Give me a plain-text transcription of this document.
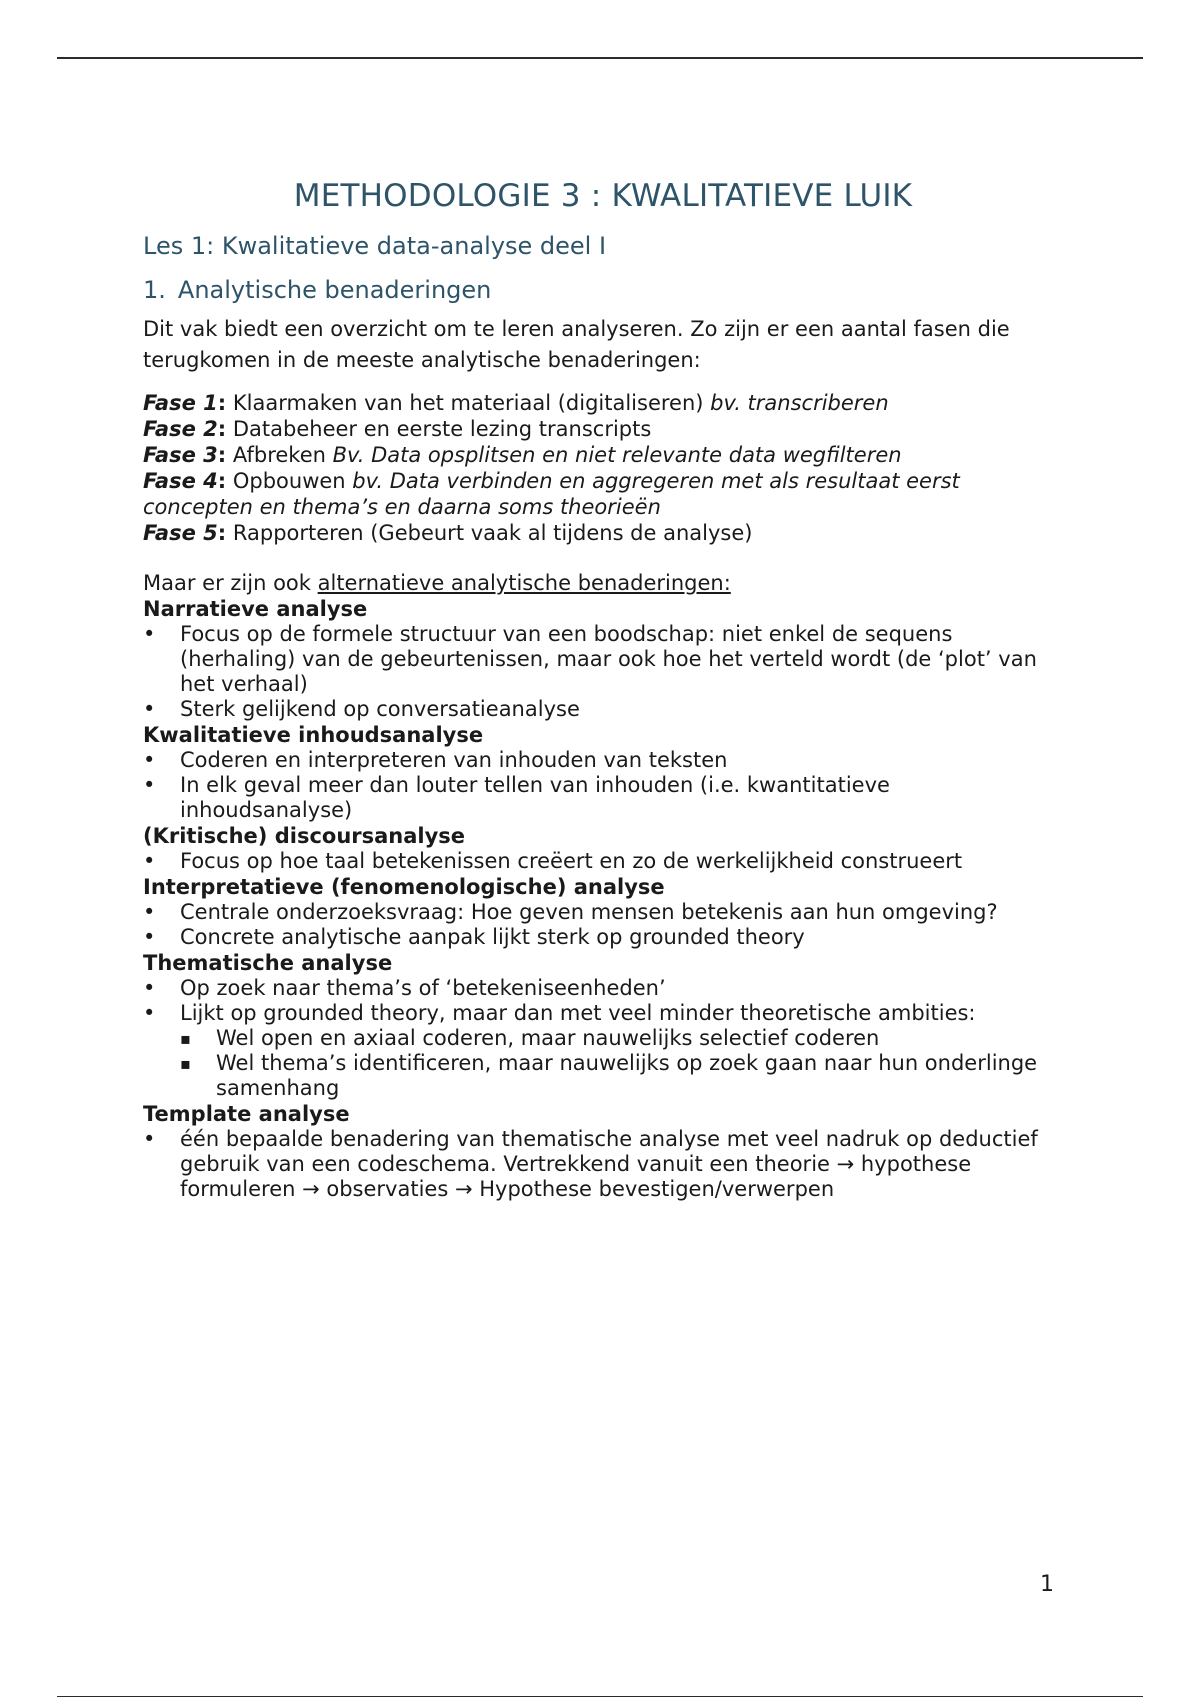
METHODOLOGIE 3 : KWALITATIEVE LUIK
Les 1: Kwalitatieve data-analyse deel I
1. Analytische benaderingen

Dit vak biedt een overzicht om te leren analyseren. Zo zijn er een aantal fasen die terugkomen in de meeste analytische benaderingen:

Fase 1: Klaarmaken van het materiaal (digitaliseren) bv. transcriberen
Fase 2: Databeheer en eerste lezing transcripts
Fase 3: Afbreken Bv. Data opsplitsen en niet relevante data wegfilteren
Fase 4: Opbouwen bv. Data verbinden en aggregeren met als resultaat eerst concepten en thema’s en daarna soms theorieën
Fase 5: Rapporteren (Gebeurt vaak al tijdens de analyse)
Maar er zijn ook alternatieve analytische benaderingen:
Narratieve analyse
• Focus op de formele structuur van een boodschap: niet enkel de sequens (herhaling) van de gebeurtenissen, maar ook hoe het verteld wordt (de ‘plot’ van het verhaal)
• Sterk gelijkend op conversatieanalyse
Kwalitatieve inhoudsanalyse
• Coderen en interpreteren van inhouden van teksten
• In elk geval meer dan louter tellen van inhouden (i.e. kwantitatieve inhoudsanalyse)
(Kritische) discoursanalyse
• Focus op hoe taal betekenissen creëert en zo de werkelijkheid construeert
Interpretatieve (fenomenologische) analyse
• Centrale onderzoeksvraag: Hoe geven mensen betekenis aan hun omgeving?
• Concrete analytische aanpak lijkt sterk op grounded theory
Thematische analyse
• Op zoek naar thema’s of ‘betekeniseenheden’
• Lijkt op grounded theory, maar dan met veel minder theoretische ambities:
▪ Wel open en axiaal coderen, maar nauwelijks selectief coderen
▪ Wel thema’s identificeren, maar nauwelijks op zoek gaan naar hun onderlinge samenhang
Template analyse
• één bepaalde benadering van thematische analyse met veel nadruk op deductief gebruik van een codeschema. Vertrekkend vanuit een theorie → hypothese formuleren → observaties → Hypothese bevestigen/verwerpen
1
